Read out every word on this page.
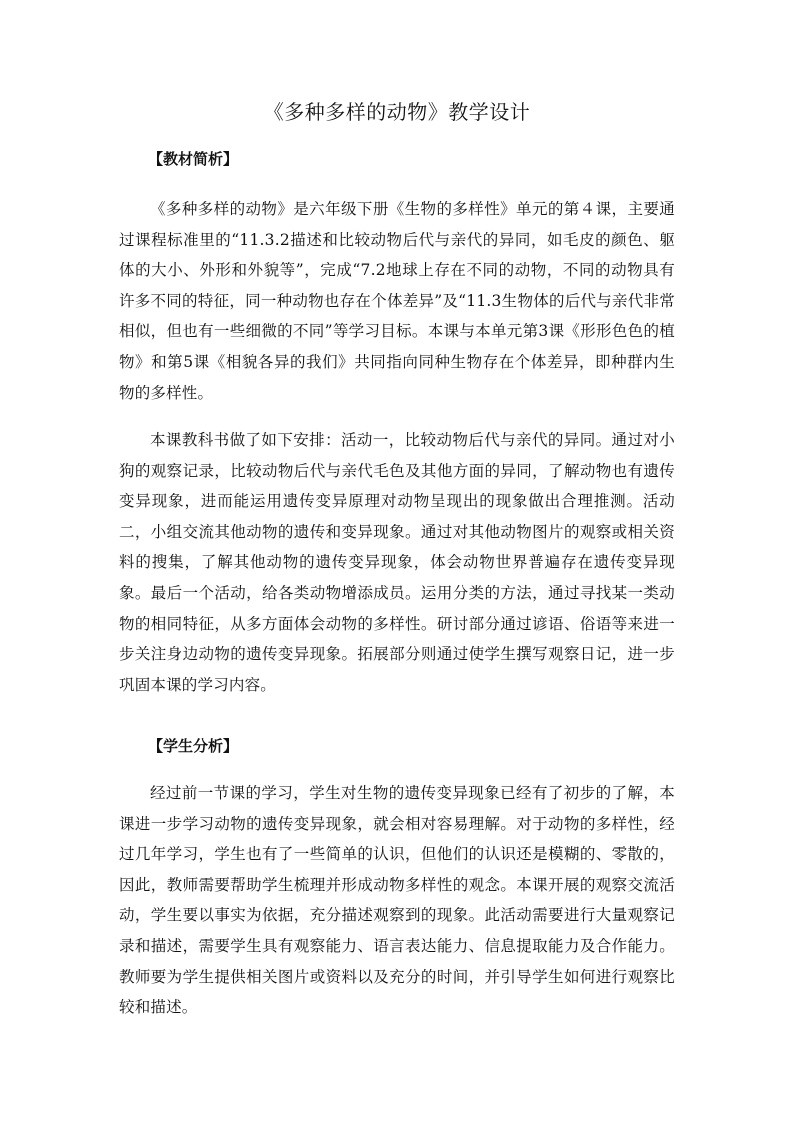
《多种多样的动物》教学设计
【教材简析】

《多种多样的动物》是六年级下册《生物的多样性》单元的第４课，主要通过课程标准里的“11.3.2描述和比较动物后代与亲代的异同，如毛皮的颜色、躯体的大小、外形和外貌等”，完成“7.2地球上存在不同的动物，不同的动物具有许多不同的特征，同一种动物也存在个体差异”及“11.3生物体的后代与亲代非常相似，但也有一些细微的不同”等学习目标。本课与本单元第3课《形形色色的植物》和第5课《相貌各异的我们》共同指向同种生物存在个体差异，即种群内生物的多样性。

本课教科书做了如下安排：活动一，比较动物后代与亲代的异同。通过对小狗的观察记录，比较动物后代与亲代毛色及其他方面的异同，了解动物也有遗传变异现象，进而能运用遗传变异原理对动物呈现出的现象做出合理推测。活动二，小组交流其他动物的遗传和变异现象。通过对其他动物图片的观察或相关资料的搜集，了解其他动物的遗传变异现象，体会动物世界普遍存在遗传变异现象。最后一个活动，给各类动物增添成员。运用分类的方法，通过寻找某一类动物的相同特征，从多方面体会动物的多样性。研讨部分通过谚语、俗语等来进一步关注身边动物的遗传变异现象。拓展部分则通过使学生撰写观察日记，进一步巩固本课的学习内容。

【学生分析】

经过前一节课的学习，学生对生物的遗传变异现象已经有了初步的了解，本课进一步学习动物的遗传变异现象，就会相对容易理解。对于动物的多样性，经过几年学习，学生也有了一些简单的认识，但他们的认识还是模糊的、零散的，因此，教师需要帮助学生梳理并形成动物多样性的观念。本课开展的观察交流活动，学生要以事实为依据，充分描述观察到的现象。此活动需要进行大量观察记录和描述，需要学生具有观察能力、语言表达能力、信息提取能力及合作能力。教师要为学生提供相关图片或资料以及充分的时间，并引导学生如何进行观察比较和描述。
